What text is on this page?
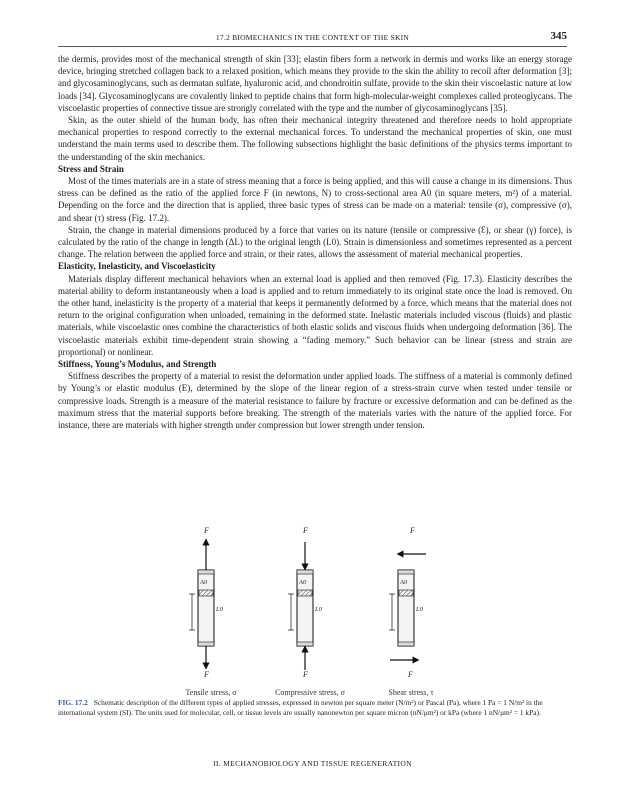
17.2 BIOMECHANICS IN THE CONTEXT OF THE SKIN	345

the dermis, provides most of the mechanical strength of skin [33]; elastin fibers form a network in dermis and works like an energy storage device, bringing stretched collagen back to a relaxed position, which means they provide to the skin the ability to recoil after deformation [3]; and glycosaminoglycans, such as dermatan sulfate, hyaluronic acid, and chondroitin sulfate, provide to the skin their viscoelastic nature at low loads [34]. Glycosaminoglycans are covalently linked to peptide chains that form high-molecular-weight complexes called proteoglycans. The viscoelastic properties of connective tissue are strongly correlated with the type and the number of glycosaminoglycans [35].

Skin, as the outer shield of the human body, has often their mechanical integrity threatened and therefore needs to hold appropriate mechanical properties to respond correctly to the external mechanical forces. To understand the mechanical properties of skin, one must understand the main terms used to describe them. The following subsections highlight the basic definitions of the physics terms important to the understanding of the skin mechanics.

Stress and Strain

Most of the times materials are in a state of stress meaning that a force is being applied, and this will cause a change in its dimensions. Thus stress can be defined as the ratio of the applied force F (in newtons, N) to cross-sectional area A0 (in square meters, m²) of a material. Depending on the force and the direction that is applied, three basic types of stress can be made on a material: tensile (σ), compressive (σ), and shear (τ) stress (Fig. 17.2).

Strain, the change in material dimensions produced by a force that varies on its nature (tensile or compressive (Ɛ), or shear (γ) force), is calculated by the ratio of the change in length (ΔL) to the original length (L0). Strain is dimensionless and sometimes represented as a percent change. The relation between the applied force and strain, or their rates, allows the assessment of material mechanical properties.

Elasticity, Inelasticity, and Viscoelasticity

Materials display different mechanical behaviors when an external load is applied and then removed (Fig. 17.3). Elasticity describes the material ability to deform instantaneously when a load is applied and to return immediately to its original state once the load is removed. On the other hand, inelasticity is the property of a material that keeps it permanently deformed by a force, which means that the material does not return to the original configuration when unloaded, remaining in the deformed state. Inelastic materials included viscous (fluids) and plastic materials, while viscoelastic ones combine the characteristics of both elastic solids and viscous fluids when undergoing deformation [36]. The viscoelastic materials exhibit time-dependent strain showing a “fading memory.” Such behavior can be linear (stress and strain are proportional) or nonlinear.

Stiffness, Young’s Modulus, and Strength

Stiffness describes the property of a material to resist the deformation under applied loads. The stiffness of a material is commonly defined by Young’s or elastic modulus (E), determined by the slope of the linear region of a stress-strain curve when tested under tensile or compressive loads. Strength is a measure of the material resistance to failure by fracture or excessive deformation and can be defined as the maximum stress that the material supports before breaking. The strength of the materials varies with the nature of the applied force. For instance, there are materials with higher strength under compression but lower strength under tension.

F
A0
L0
F
F
A0
L0
F
F
A0
L0
F
Tensile stress, σ	Compressive stress, σ	Shear stress, τ
FIG. 17.2 Schematic description of the different types of applied stresses, expressed in newton per square meter (N/m²) or Pascal (Pa), where 1 Pa = 1 N/m² in the international system (SI). The units used for molecular, cell, or tissue levels are usually nanonewton per square micron (nN/μm²) or kPa (where 1 nN/μm² = 1 kPa).
II. MECHANOBIOLOGY AND TISSUE REGENERATION
